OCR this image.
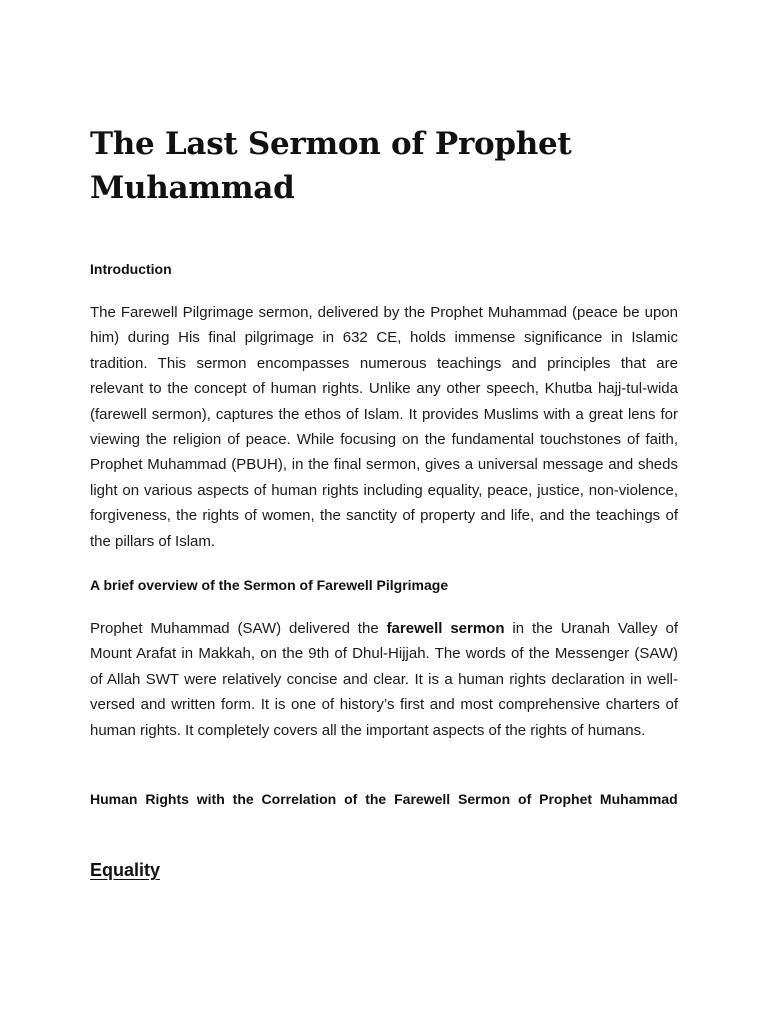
The Last Sermon of Prophet Muhammad
Introduction

The Farewell Pilgrimage sermon, delivered by the Prophet Muhammad (peace be upon him) during His final pilgrimage in 632 CE, holds immense significance in Islamic tradition. This sermon encompasses numerous teachings and principles that are relevant to the concept of human rights. Unlike any other speech, Khutba hajj-tul-wida (farewell sermon), captures the ethos of Islam. It provides Muslims with a great lens for viewing the religion of peace. While focusing on the fundamental touchstones of faith, Prophet Muhammad (PBUH), in the final sermon, gives a universal message and sheds light on various aspects of human rights including equality, peace, justice, non-violence, forgiveness, the rights of women, the sanctity of property and life, and the teachings of the pillars of Islam.

A brief overview of the Sermon of Farewell Pilgrimage

Prophet Muhammad (SAW) delivered the farewell sermon in the Uranah Valley of Mount Arafat in Makkah, on the 9th of Dhul-Hijjah. The words of the Messenger (SAW) of Allah SWT were relatively concise and clear. It is a human rights declaration in well-versed and written form. It is one of history’s first and most comprehensive charters of human rights. It completely covers all the important aspects of the rights of humans.

Human Rights with the Correlation of the Farewell Sermon of Prophet Muhammad
Equality
